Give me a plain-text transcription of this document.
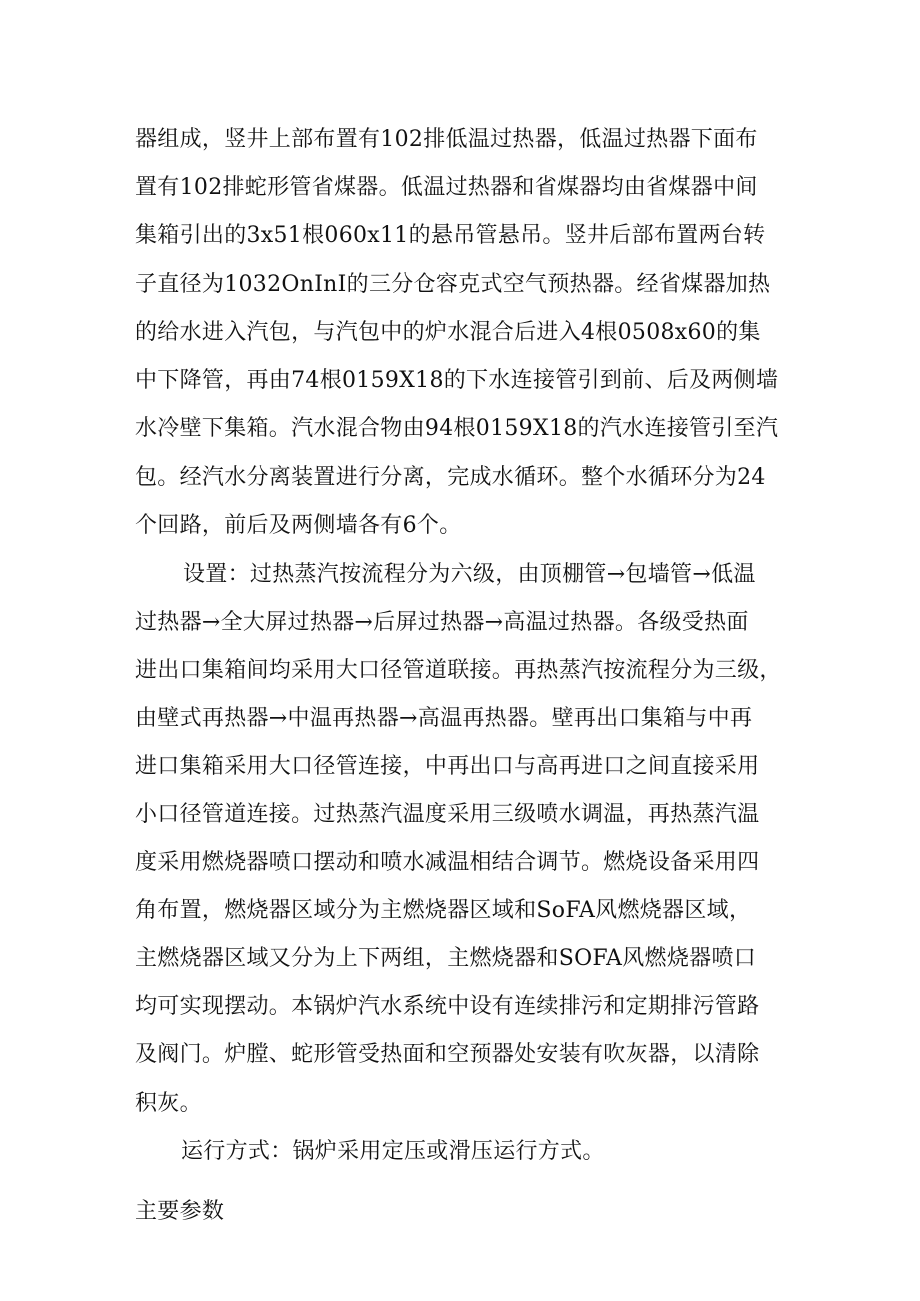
器组成，竖井上部布置有102排低温过热器，低温过热器下面布
置有102排蛇形管省煤器。低温过热器和省煤器均由省煤器中间
集箱引出的3x51根060x11的悬吊管悬吊。竖井后部布置两台转
子直径为1032OnInI的三分仓容克式空气预热器。经省煤器加热
的给水进入汽包，与汽包中的炉水混合后进入4根0508x60的集
中下降管，再由74根0159X18的下水连接管引到前、后及两侧墙
水冷壁下集箱。汽水混合物由94根0159X18的汽水连接管引至汽
包。经汽水分离装置进行分离，完成水循环。整个水循环分为24
个回路，前后及两侧墙各有6个。
设置：过热蒸汽按流程分为六级，由顶棚管→包墙管→低温
过热器→全大屏过热器→后屏过热器→高温过热器。各级受热面
进出口集箱间均采用大口径管道联接。再热蒸汽按流程分为三级，
由壁式再热器→中温再热器→高温再热器。壁再出口集箱与中再
进口集箱采用大口径管连接，中再出口与高再进口之间直接采用
小口径管道连接。过热蒸汽温度采用三级喷水调温，再热蒸汽温
度采用燃烧器喷口摆动和喷水减温相结合调节。燃烧设备采用四
角布置，燃烧器区域分为主燃烧器区域和SoFA风燃烧器区域，
主燃烧器区域又分为上下两组，主燃烧器和SOFA风燃烧器喷口
均可实现摆动。本锅炉汽水系统中设有连续排污和定期排污管路
及阀门。炉膛、蛇形管受热面和空预器处安装有吹灰器，以清除
积灰。
运行方式：锅炉采用定压或滑压运行方式。
主要参数
